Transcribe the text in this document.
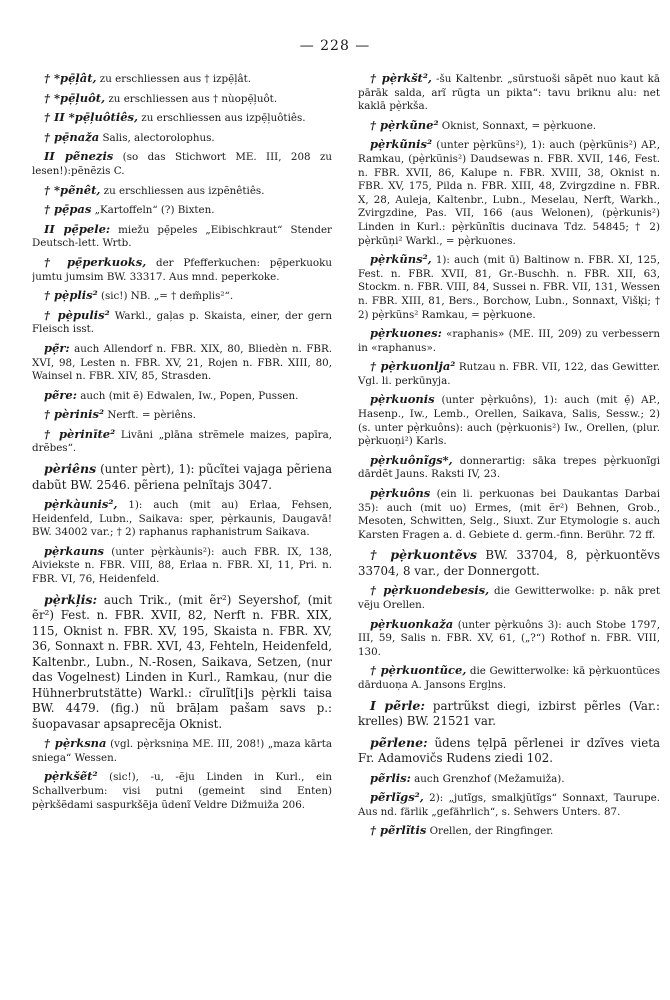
— 228 —

† *pẹ̄l̦ât, zu erschliessen aus † izpẹ̄l̦ât.

† *pẹ̄l̦uôt, zu erschliessen aus † nùopẹ̄l̦uôt.

† II *pẹ̄l̦uôtiês, zu erschliessen aus izpẹ̄l̦uôtiês.

† pẹ̄naža Salis, alectorolophus.

II pẽnezis (so das Stichwort ME. III, 208 zu lesen!):pẽnẽzis C.

† *pẽnêt, zu erschliessen aus izpẽnêtiês.

† pẹ̄pas „Kartoffeln“ (?) Bixten.

II pẹ̄pele: miežu pẹ̄peles „Eibischkraut“ Stender Deutsch-lett. Wrtb.

† pẹ̄perkuoks, der Pfefferkuchen: pẹ̄perkuoku jumtu jumsim BW. 33317. Aus mnd. peperkoke.

† pẹ̀plis² (sic!) NB. „= † dem̃plis²“.

† pẹ̀pulis² Warkl., gal̦as p. Skaista, einer, der gern Fleisch isst.

pẹ̃r: auch Allendorf n. FBR. XIX, 80, Bliedèn n. FBR. XVI, 98, Lesten n. FBR. XV, 21, Rojen n. FBR. XIII, 80, Wainsel n. FBR. XIV, 85, Strasden.

pẽre: auch (mit ẽ) Edwalen, Iw., Popen, Pussen.

† pèrinis² Nerft. = pèriêns.

† pèrinīte² Livāni „plāna strẽmele maizes, papīra, drẽbes“.

pèriêns (unter pèrt), 1): pũcĩtei vajaga pẽriena dabũt BW. 2546. pẽriena pelnĩtajs 3047.

pẹ̀rkàunis², 1): auch (mit au) Erlaa, Fehsen, Heidenfeld, Lubn., Saikava: sper, pẹ̀rkaunis, Daugavā! BW. 34002 var.; † 2) raphanus raphanistrum Saikava.

pẹ̀rkauns (unter pẹ̀rkàunis²): auch FBR. IX, 138, Aiviekste n. FBR. VIII, 88, Erlaa n. FBR. XI, 11, Pri. n. FBR. VI, 76, Heidenfeld.

pẹ̀rkl̦is: auch Trik., (mit ẽr²) Seyershof, (mit ẽr²) Fest. n. FBR. XVII, 82, Nerft n. FBR. XIX, 115, Oknist n. FBR. XV, 195, Skaista n. FBR. XV, 36, Sonnaxt n. FBR. XVI, 43, Fehteln, Heidenfeld, Kaltenbr., Lubn., N.-Rosen, Saikava, Setzen, (nur das Vogelnest) Linden in Kurl., Ramkau, (nur die Hühnerbrutstätte) Warkl.: cĩrulĩt[i]s pẹ̀rkli taisa BW. 4479. (fig.) nũ brāl̦am pašam savs p.: šuopavasar apsaprecẽja Oknist.

† pẹ̀rksna (vgl. pẹ̀rksniņa ME. III, 208!) „maza kārta sniega“ Wessen.

pẹ̀rkšẽt² (sic!), -u, -ẽju Linden in Kurl., ein Schallverbum: visi putni (gemeint sind Enten) pẹ̀rkšẽdami saspurkšẽja ũdenĩ Veldre Dižmuiža 206.

† pẹ̀rkšt², -šu Kaltenbr. „sūrstuoši sāpẽt nuo kaut kā pārāk salda, arĩ rūgta un pikta“: tavu briknu alu: net kaklā pẹ̀rkša.

† pẹ̀rkũne² Oknist, Sonnaxt, = pẹ̀rkuone.

pẹ̀rkũnis² (unter pẹ̀rkũns²), 1): auch (pẹ̀rkũnis²) AP., Ramkau, (pẹ̀rkũnis²) Daudsewas n. FBR. XVII, 146, Fest. n. FBR. XVII, 86, Kalupe n. FBR. XVIII, 38, Oknist n. FBR. XV, 175, Pilda n. FBR. XIII, 48, Zvirgzdine n. FBR. X, 28, Auleja, Kaltenbr., Lubn., Meselau, Nerft, Warkh., Zvirgzdine, Pas. VII, 166 (aus Welonen), (pẹ̀rkunis²) Linden in Kurl.: pẹ̀rkũnĩtis ducinava Tdz. 54845; † 2) pẹ̀rkūņi² Warkl., = pẹ̀rkuones.

pẹ̀rkũns², 1): auch (mit ū) Baltinow n. FBR. XI, 125, Fest. n. FBR. XVII, 81, Gr.-Buschh. n. FBR. XII, 63, Stockm. n. FBR. VIII, 84, Sussei n. FBR. VII, 131, Wessen n. FBR. XIII, 81, Bers., Borchow, Lubn., Sonnaxt, Višķi; † 2) pẹ̀rkũns² Ramkau, = pẹ̀rkuone.

pẹ̀rkuones: «raphanis» (ME. III, 209) zu verbessern in «raphanus».

† pẹ̀rkuonlja² Rutzau n. FBR. VII, 122, das Gewitter. Vgl. li. perkūnyja.

pẹ̀rkuonis (unter pẹ̀rkuôns), 1): auch (mit ẹ̄) AP., Hasenp., Iw., Lemb., Orellen, Saikava, Salis, Sessw.; 2) (s. unter pẹ̀rkuôns): auch (pẹ̀rkuonis²) Iw., Orellen, (plur. pẹ̀rkuoņi²) Karls.

pẹ̀rkuônĩgs*, donnerartig: sāka trepes pẹ̀rkuonĩgi dārdẽt Jauns. Raksti IV, 23.

pẹ̀rkuôns (ein li. perkuonas bei Daukantas Darbai 35): auch (mit uo) Ermes, (mit ẽr²) Behnen, Grob., Mesoten, Schwitten, Selg., Siuxt. Zur Etymologie s. auch Karsten Fragen a. d. Gebiete d. germ.-finn. Berühr. 72 ff.

† pẹ̀rkuontẽvs BW. 33704, 8, pẹ̀rkuontẽvs 33704, 8 var., der Donnergott.

† pẹ̀rkuondebesis, die Gewitterwolke: p. nāk pret vẽju Orellen.

pẹ̀rkuonkaža (unter pẹ̀rkuôns 3): auch Stobe 1797, III, 59, Salis n. FBR. XV, 61, („?“) Rothof n. FBR. VIII, 130.

† pẹ̀rkuontũce, die Gewitterwolke: kā pẹ̀rkuontũces dārduoņa A. Jansons Ergl̦ns.

I pẽrle: partrũkst diegi, izbirst pẽrles (Var.: krelles) BW. 21521 var.

pẽrlene: ũdens tẹlpā pẽrlenei ir dzĩves vieta Fr. Adamovičs Rudens ziedi 102.

pẽrlis: auch Grenzhof (Mežamuiža).

pẽrlĩgs², 2): „jutĩgs, smalkjũtĩgs“ Sonnaxt, Taurupe. Aus nd. färlik „gefährlich“, s. Sehwers Unters. 87.

† pẽrlĩtis Orellen, der Ringfinger.
